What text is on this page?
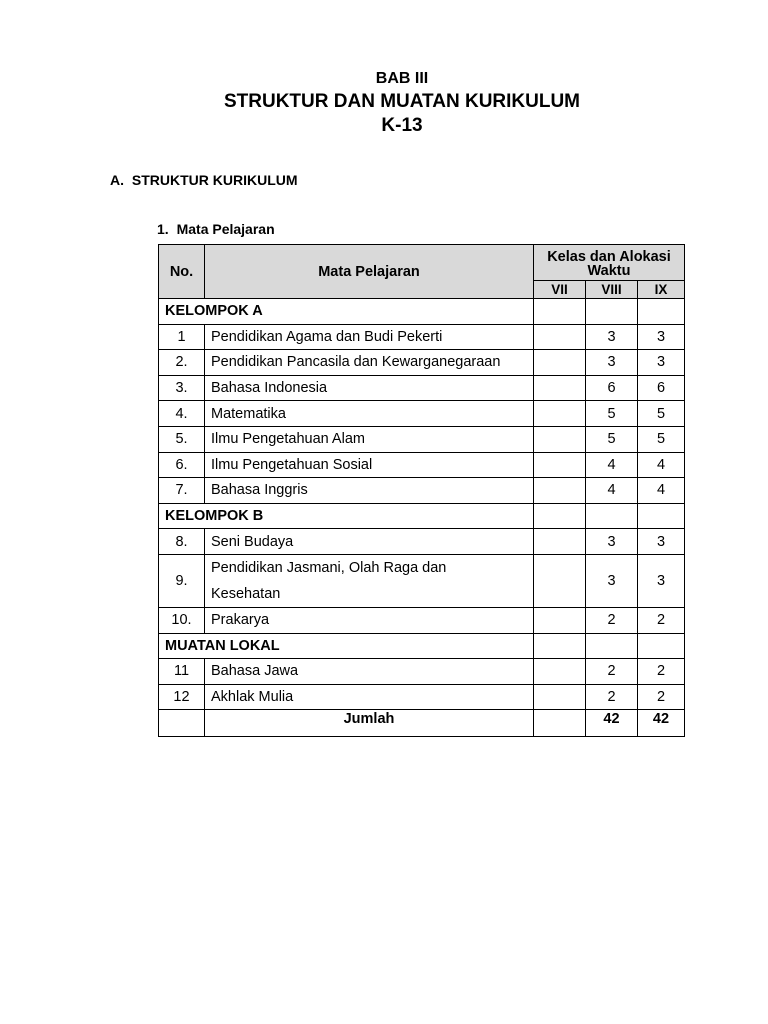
BAB III
STRUKTUR DAN MUATAN KURIKULUM
K-13
A. STRUKTUR KURIKULUM
1. Mata Pelajaran
No.	Mata Pelajaran	Kelas dan Alokasi Waktu		
		VII	VIII	IX
KELOMPOK A				
1	Pendidikan Agama dan Budi Pekerti		3	3
2.	Pendidikan Pancasila dan Kewarganegaraan		3	3
3.	Bahasa Indonesia		6	6
4.	Matematika		5	5
5.	Ilmu Pengetahuan Alam		5	5
6.	Ilmu Pengetahuan Sosial		4	4
7.	Bahasa Inggris		4	4
KELOMPOK B				
8.	Seni Budaya		3	3
9.	Pendidikan Jasmani, Olah Raga dan
Kesehatan		3	3
10.	Prakarya		2	2
MUATAN LOKAL				
11	Bahasa Jawa		2	2
12	Akhlak Mulia		2	2
	Jumlah		42	42
